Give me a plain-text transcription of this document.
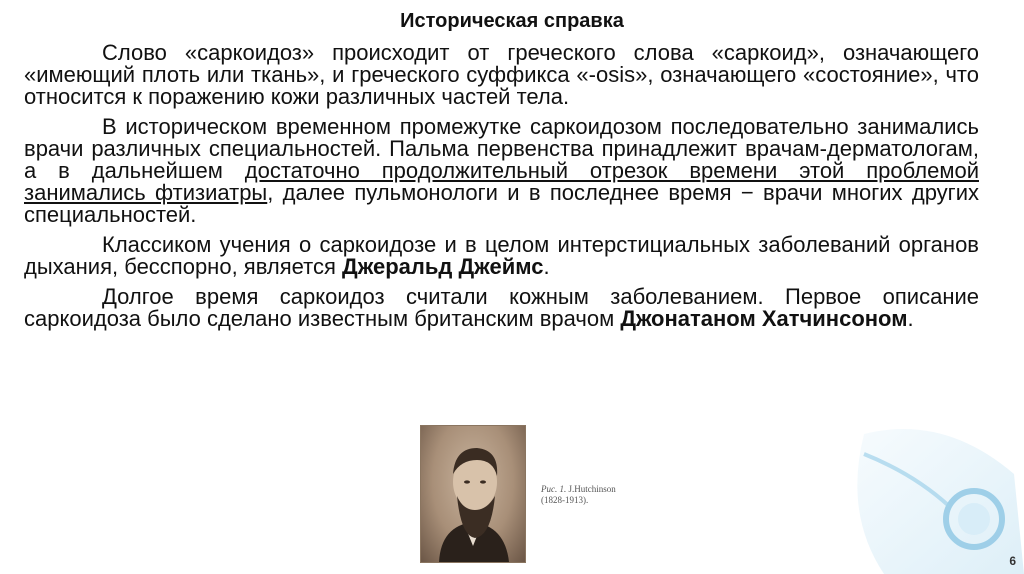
Историческая справка

Слово «саркоидоз» происходит от греческого слова «саркоид», означающего «имеющий плоть или ткань», и греческого суффикса «-osis», означающего «состояние», что относится к поражению кожи различных частей тела.

В историческом временном промежутке саркоидозом последовательно занимались врачи различных специальностей. Пальма первенства принадлежит врачам-дерматологам, а в дальнейшем достаточно продолжительный отрезок времени этой проблемой занимались фтизиатры, далее пульмонологи и в последнее время − врачи многих других специальностей.

Классиком учения о саркоидозе и в целом интерстициальных заболеваний органов дыхания, бесспорно, является Джеральд Джеймс.

Долгое время саркоидоз считали кожным заболеванием. Первое описание саркоидоза было сделано известным британским врачом Джонатаном Хатчинсоном.

Рис. 1. J.Hutchinson
(1828-1913).
6
